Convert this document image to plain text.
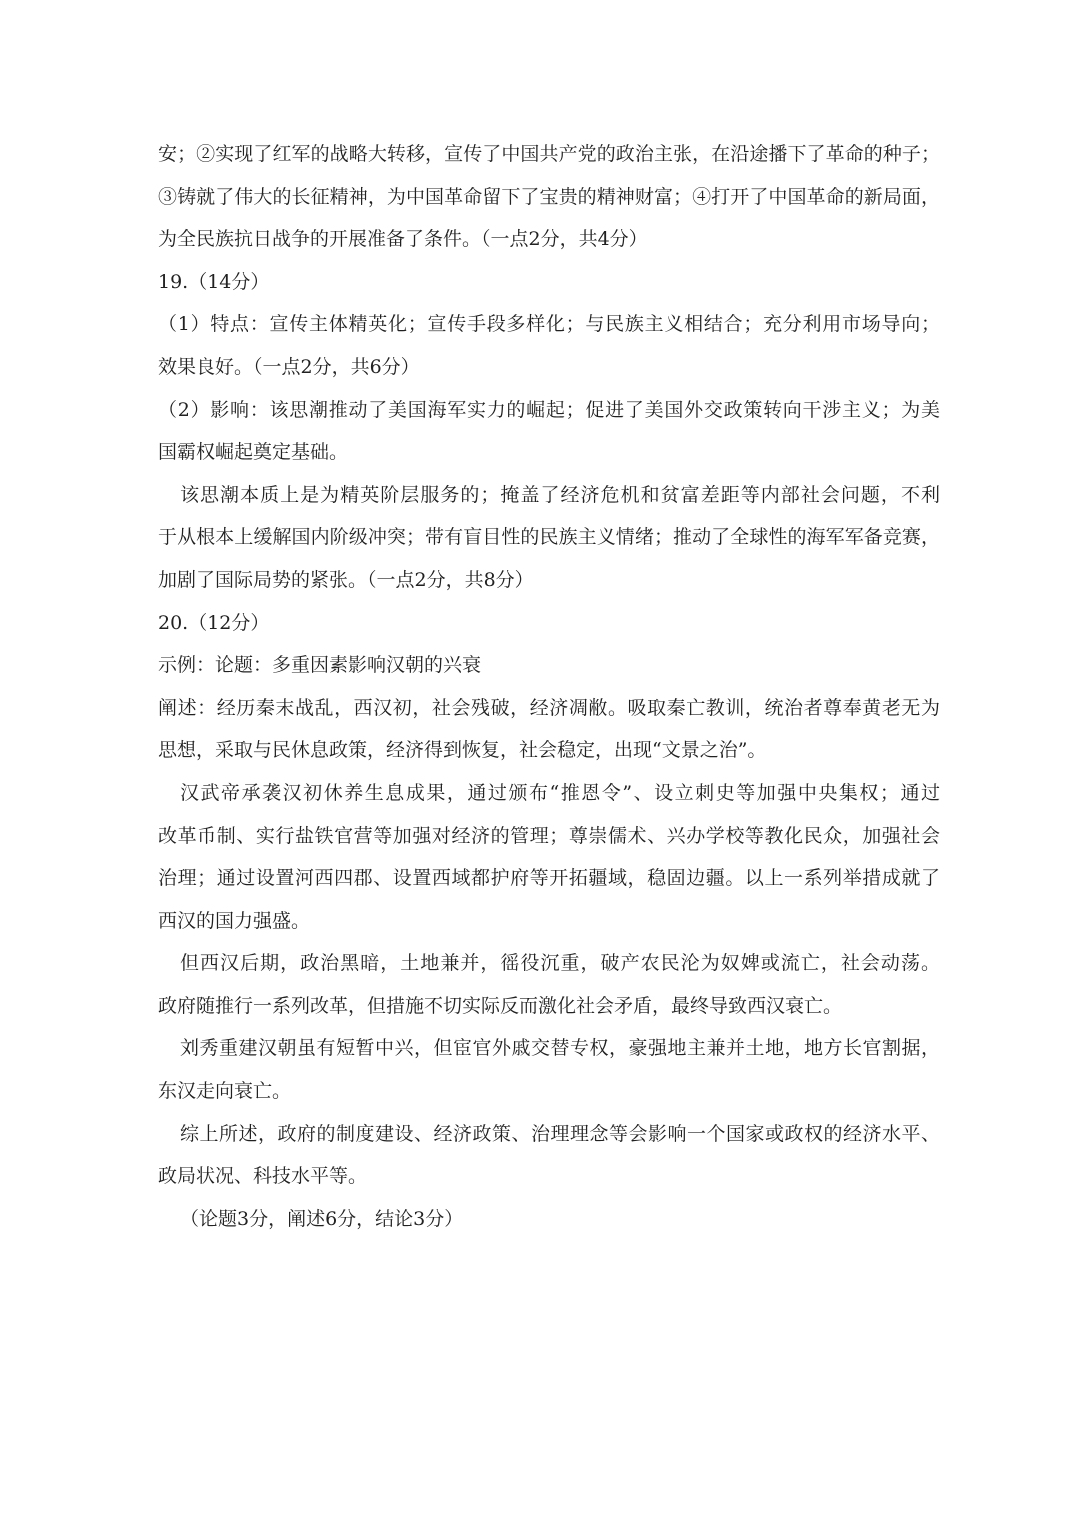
安；②实现了红军的战略大转移，宣传了中国共产党的政治主张，在沿途播下了革命的种子；
③铸就了伟大的长征精神，为中国革命留下了宝贵的精神财富；④打开了中国革命的新局面，
为全民族抗日战争的开展准备了条件。（一点2分，共4分）
19.（14分）
（1）特点：宣传主体精英化；宣传手段多样化；与民族主义相结合；充分利用市场导向；
效果良好。（一点2分，共6分）
（2）影响：该思潮推动了美国海军实力的崛起；促进了美国外交政策转向干涉主义；为美
国霸权崛起奠定基础。
该思潮本质上是为精英阶层服务的；掩盖了经济危机和贫富差距等内部社会问题，不利
于从根本上缓解国内阶级冲突；带有盲目性的民族主义情绪；推动了全球性的海军军备竞赛，
加剧了国际局势的紧张。（一点2分，共8分）
20.（12分）
示例：论题：多重因素影响汉朝的兴衰
阐述：经历秦末战乱，西汉初，社会残破，经济凋敝。吸取秦亡教训，统治者尊奉黄老无为
思想，采取与民休息政策，经济得到恢复，社会稳定，出现“文景之治”。
汉武帝承袭汉初休养生息成果，通过颁布“推恩令”、设立刺史等加强中央集权；通过
改革币制、实行盐铁官营等加强对经济的管理；尊崇儒术、兴办学校等教化民众，加强社会
治理；通过设置河西四郡、设置西域都护府等开拓疆域，稳固边疆。以上一系列举措成就了
西汉的国力强盛。
但西汉后期，政治黑暗，土地兼并，徭役沉重，破产农民沦为奴婢或流亡，社会动荡。
政府随推行一系列改革，但措施不切实际反而激化社会矛盾，最终导致西汉衰亡。
刘秀重建汉朝虽有短暂中兴，但宦官外戚交替专权，豪强地主兼并土地，地方长官割据，
东汉走向衰亡。
综上所述，政府的制度建设、经济政策、治理理念等会影响一个国家或政权的经济水平、
政局状况、科技水平等。
（论题3分，阐述6分，结论3分）
